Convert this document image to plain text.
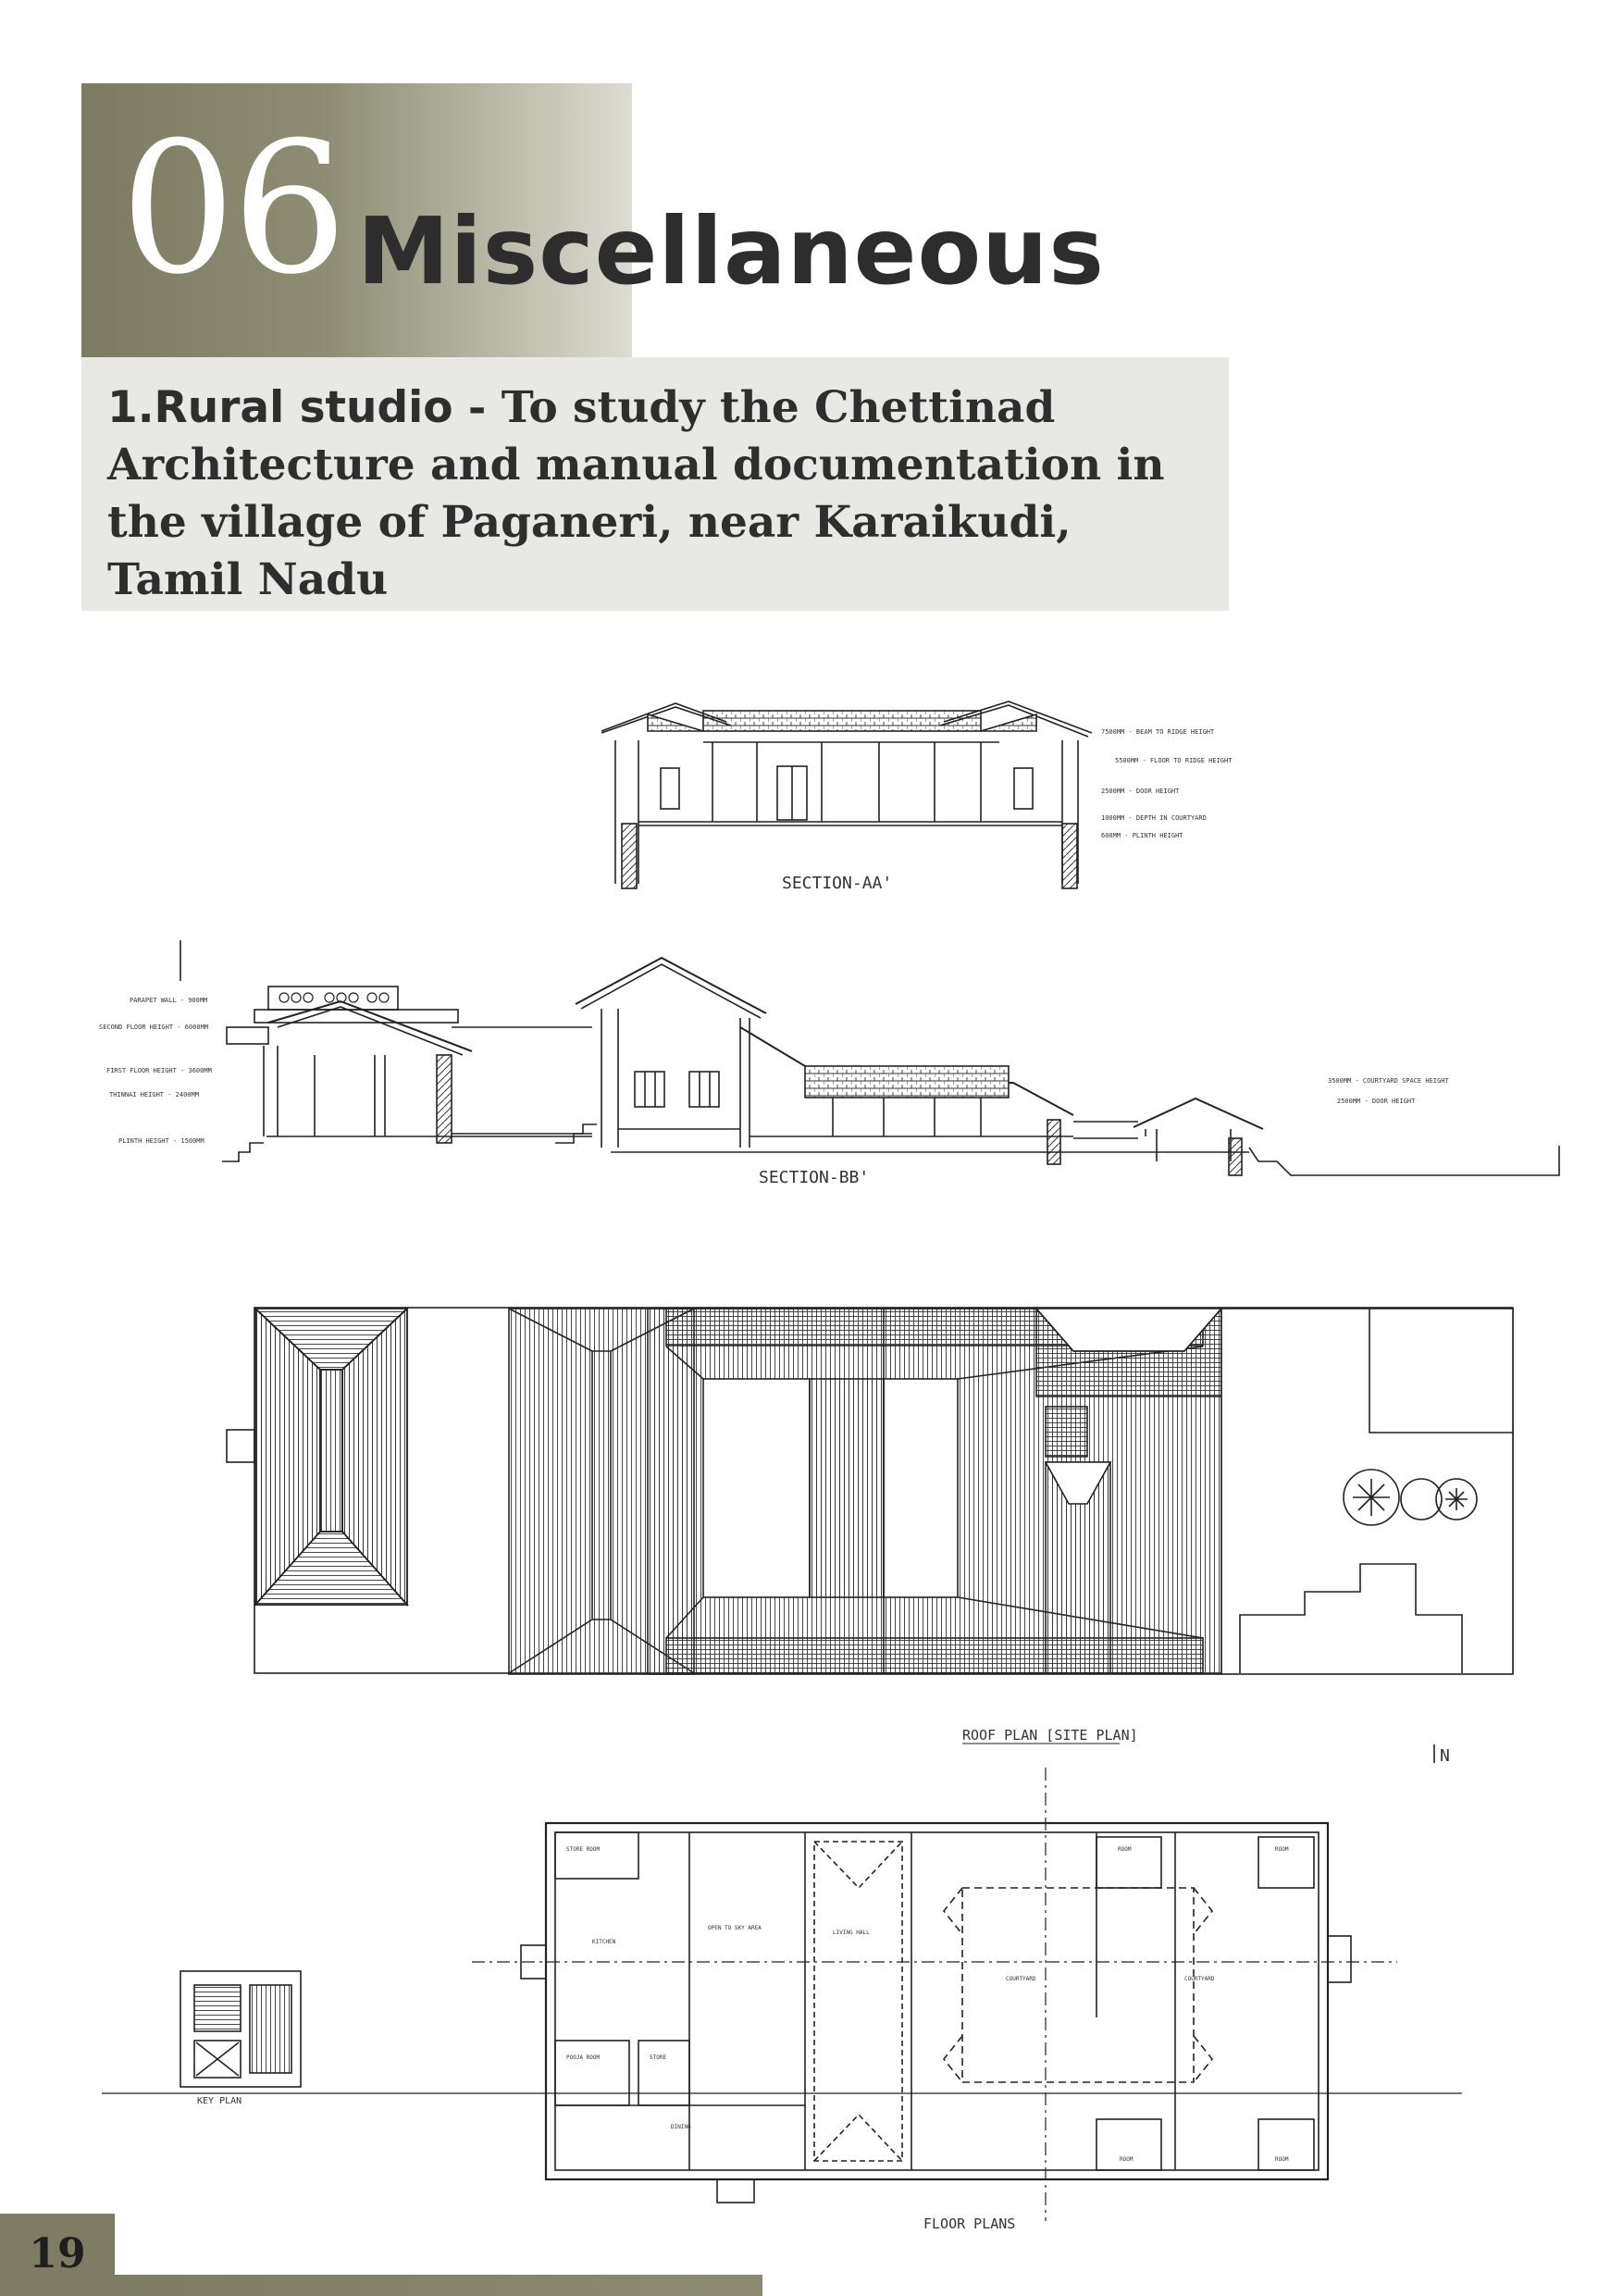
06 Miscellaneous
1.Rural studio - To study the Chettinad Architecture and manual documentation in the village of Paganeri, near Karaikudi, Tamil Nadu
SECTION-AA'
7500MM - BEAM TO RIDGE HEIGHT
5500MM - FLOOR TO RIDGE HEIGHT
2500MM - DOOR HEIGHT
1000MM - DEPTH IN COURTYARD
600MM - PLINTH HEIGHT
SECTION-BB'
PARAPET WALL - 900MM
SECOND FLOOR HEIGHT - 6000MM
FIRST FLOOR HEIGHT - 3600MM
THINNAI HEIGHT - 2400MM
PLINTH HEIGHT - 1500MM
3500MM - COURTYARD SPACE HEIGHT
2500MM - DOOR HEIGHT
ROOF PLAN [SITE PLAN]
N
KEY PLAN
STORE ROOM
OPEN TO SKY AREA
LIVING HALL
COURTYARD	COURTYARD
ROOM	ROOM
POOJA ROOM	STORE
ROOM	ROOM
KITCHEN
DINING
FLOOR PLANS
19
